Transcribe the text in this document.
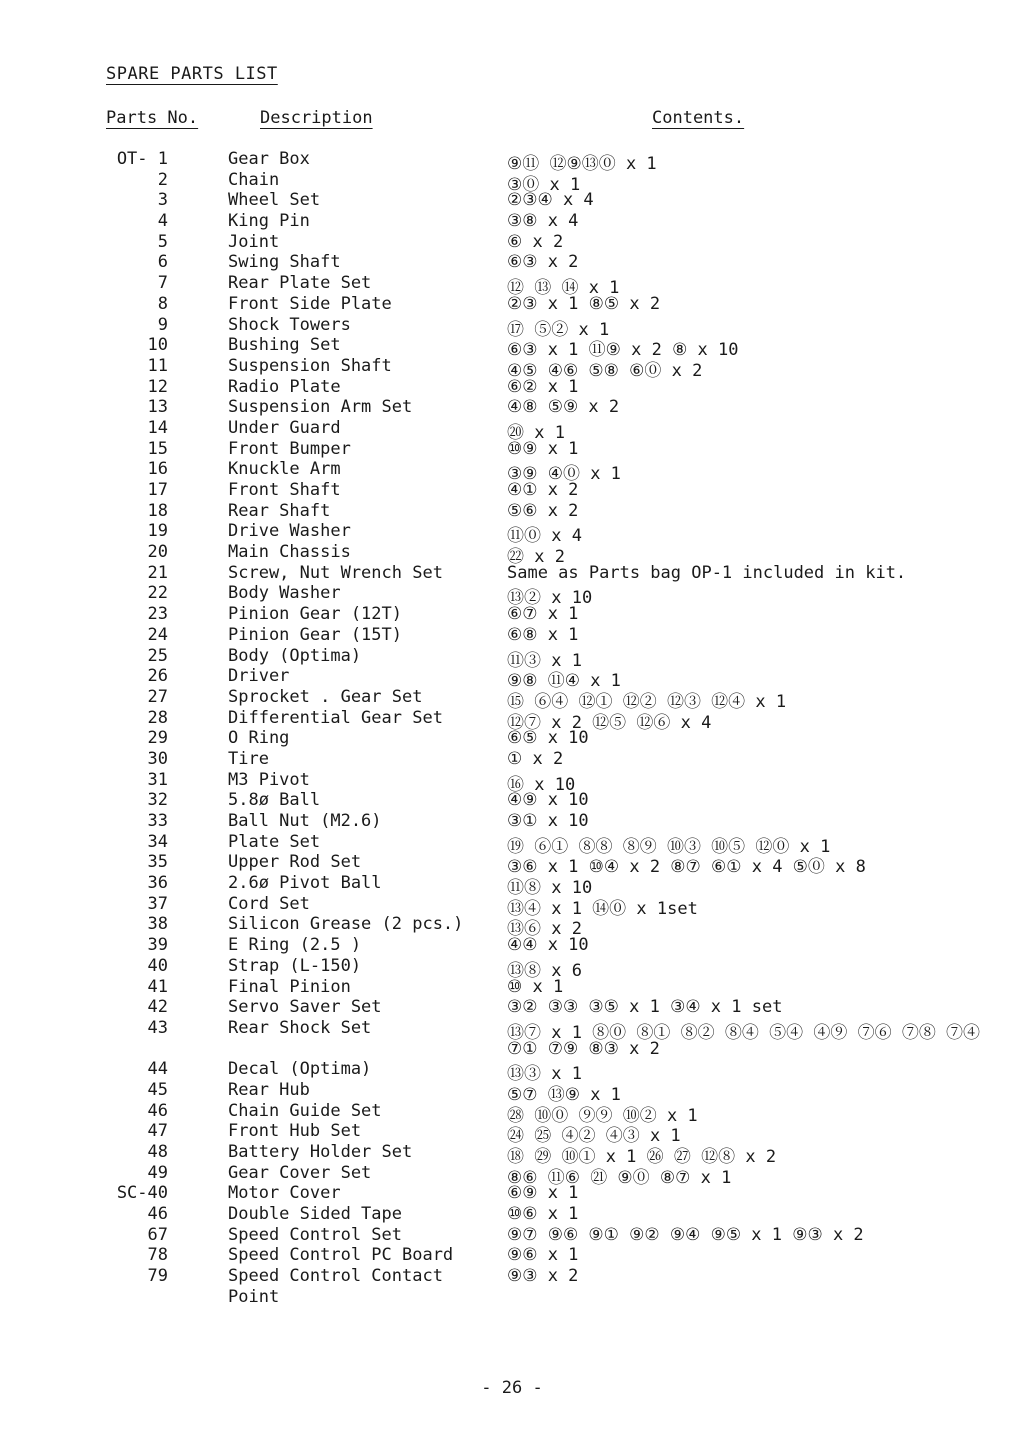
SPARE PARTS LIST
Parts No.	Description	Contents.
OT- 1	Gear Box	⑨⑪ ⑫⑨⑬⓪ x 1
2	Chain	③⓪ x 1
3	Wheel Set	②③④ x 4
4	King Pin	③⑧ x 4
5	Joint	⑥ x 2
6	Swing Shaft	⑥③ x 2
7	Rear Plate Set	⑫ ⑬ ⑭ x 1
8	Front Side Plate	②③ x 1 ⑧⑤ x 2
9	Shock Towers	⑰ ⑤② x 1
10	Bushing Set	⑥③ x 1 ⑪⑨ x 2 ⑧ x 10
11	Suspension Shaft	④⑤ ④⑥ ⑤⑧ ⑥⓪ x 2
12	Radio Plate	⑥② x 1
13	Suspension Arm Set	④⑧ ⑤⑨ x 2
14	Under Guard	⑳ x 1
15	Front Bumper	⑩⑨ x 1
16	Knuckle Arm	③⑨ ④⓪ x 1
17	Front Shaft	④① x 2
18	Rear Shaft	⑤⑥ x 2
19	Drive Washer	⑪⓪ x 4
20	Main Chassis	㉒ x 2
21	Screw, Nut Wrench Set	Same as Parts bag OP-1 included in kit.
22	Body Washer	⑬② x 10
23	Pinion Gear (12T)	⑥⑦ x 1
24	Pinion Gear (15T)	⑥⑧ x 1
25	Body (Optima)	⑪③ x 1
26	Driver	⑨⑧ ⑪④ x 1
27	Sprocket . Gear Set	⑮ ⑥④ ⑫① ⑫② ⑫③ ⑫④ x 1
28	Differential Gear Set	⑫⑦ x 2 ⑫⑤ ⑫⑥ x 4
29	O Ring	⑥⑤ x 10
30	Tire	① x 2
31	M3 Pivot	⑯ x 10
32	5.8ø Ball	④⑨ x 10
33	Ball Nut (M2.6)	③① x 10
34	Plate Set	⑲ ⑥① ⑧⑧ ⑧⑨ ⑩③ ⑩⑤ ⑫⓪ x 1
35	Upper Rod Set	③⑥ x 1 ⑩④ x 2 ⑧⑦ ⑥① x 4 ⑤⓪ x 8
36	2.6ø Pivot Ball	⑪⑧ x 10
37	Cord Set	⑬④ x 1 ⑭⓪ x 1set
38	Silicon Grease (2 pcs.)	⑬⑥ x 2
39	E Ring (2.5 )	④④ x 10
40	Strap (L-150)	⑬⑧ x 6
41	Final Pinion	⑩ x 1
42	Servo Saver Set	③② ③③ ③⑤ x 1 ③④ x 1 set
43	Rear Shock Set	⑬⑦ x 1 ⑧⓪ ⑧① ⑧② ⑧④ ⑤④ ④⑨ ⑦⑥ ⑦⑧ ⑦④
⑦① ⑦⑨ ⑧③ x 2
44	Decal (Optima)	⑬③ x 1
45	Rear Hub	⑤⑦ ⑬⑨ x 1
46	Chain Guide Set	㉘ ⑩⓪ ⑨⑨ ⑩② x 1
47	Front Hub Set	㉔ ㉕ ④② ④③ x 1
48	Battery Holder Set	⑱ ㉙ ⑩① x 1 ㉖ ㉗ ⑫⑧ x 2
49	Gear Cover Set	⑧⑥ ⑪⑥ ㉑ ⑨⓪ ⑧⑦ x 1
SC-40	Motor Cover	⑥⑨ x 1
46	Double Sided Tape	⑩⑥ x 1
67	Speed Control Set	⑨⑦ ⑨⑥ ⑨① ⑨② ⑨④ ⑨⑤ x 1 ⑨③ x 2
78	Speed Control PC Board	⑨⑥ x 1
79	Speed Control Contact	⑨③ x 2
Point
- 26 -
